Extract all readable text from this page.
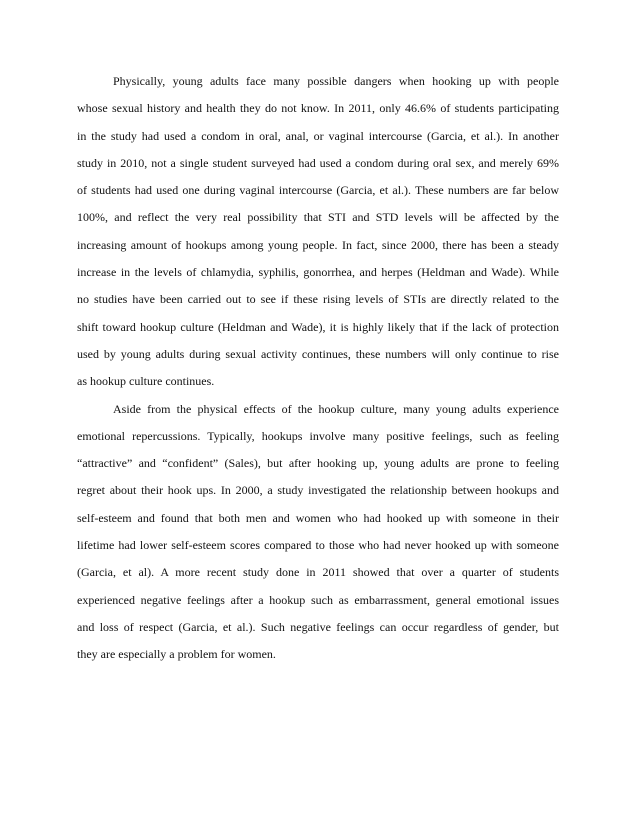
Physically, young adults face many possible dangers when hooking up with people
whose sexual history and health they do not know. In 2011, only 46.6% of students participating
in the study had used a condom in oral, anal, or vaginal intercourse (Garcia, et al.). In another
study in 2010, not a single student surveyed had used a condom during oral sex, and merely 69%
of students had used one during vaginal intercourse (Garcia, et al.). These numbers are far below
100%, and reflect the very real possibility that STI and STD levels will be affected by the
increasing amount of hookups among young people. In fact, since 2000, there has been a steady
increase in the levels of chlamydia, syphilis, gonorrhea, and herpes (Heldman and Wade). While
no studies have been carried out to see if these rising levels of STIs are directly related to the
shift toward hookup culture (Heldman and Wade), it is highly likely that if the lack of protection
used by young adults during sexual activity continues, these numbers will only continue to rise
as hookup culture continues.
Aside from the physical effects of the hookup culture, many young adults experience
emotional repercussions. Typically, hookups involve many positive feelings, such as feeling
“attractive” and “confident” (Sales), but after hooking up, young adults are prone to feeling
regret about their hook ups. In 2000, a study investigated the relationship between hookups and
self-esteem and found that both men and women who had hooked up with someone in their
lifetime had lower self-esteem scores compared to those who had never hooked up with someone
(Garcia, et al). A more recent study done in 2011 showed that over a quarter of students
experienced negative feelings after a hookup such as embarrassment, general emotional issues
and loss of respect (Garcia, et al.). Such negative feelings can occur regardless of gender, but
they are especially a problem for women.
